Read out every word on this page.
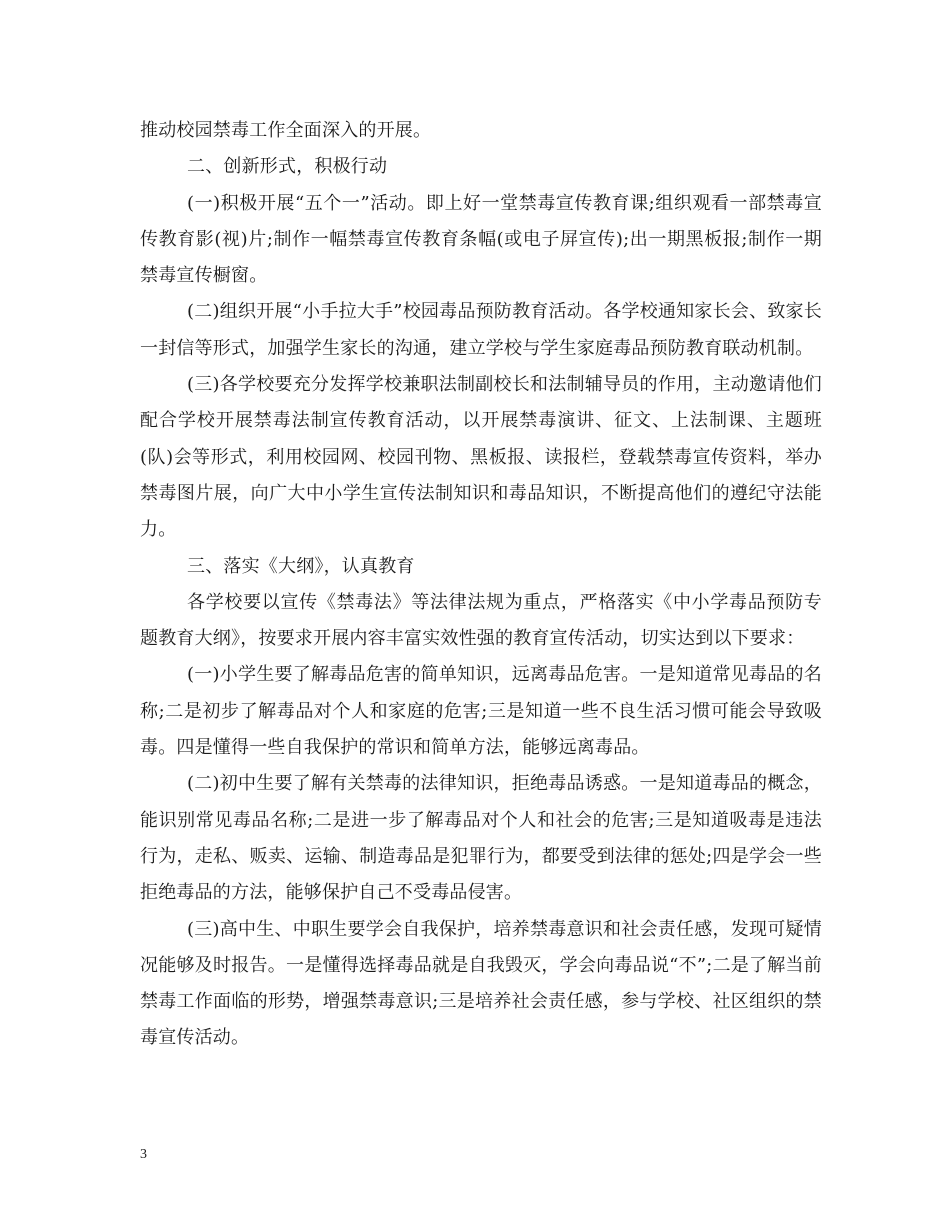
推动校园禁毒工作全面深入的开展。

二、创新形式，积极行动

(一)积极开展“五个一”活动。即上好一堂禁毒宣传教育课;组织观看一部禁毒宣传教育影(视)片;制作一幅禁毒宣传教育条幅(或电子屏宣传);出一期黑板报;制作一期禁毒宣传橱窗。

(二)组织开展“小手拉大手”校园毒品预防教育活动。各学校通知家长会、致家长一封信等形式，加强学生家长的沟通，建立学校与学生家庭毒品预防教育联动机制。

(三)各学校要充分发挥学校兼职法制副校长和法制辅导员的作用，主动邀请他们配合学校开展禁毒法制宣传教育活动，以开展禁毒演讲、征文、上法制课、主题班(队)会等形式，利用校园网、校园刊物、黑板报、读报栏，登载禁毒宣传资料，举办禁毒图片展，向广大中小学生宣传法制知识和毒品知识，不断提高他们的遵纪守法能力。

三、落实《大纲》，认真教育

各学校要以宣传《禁毒法》等法律法规为重点，严格落实《中小学毒品预防专题教育大纲》，按要求开展内容丰富实效性强的教育宣传活动，切实达到以下要求：

(一)小学生要了解毒品危害的简单知识，远离毒品危害。一是知道常见毒品的名称;二是初步了解毒品对个人和家庭的危害;三是知道一些不良生活习惯可能会导致吸毒。四是懂得一些自我保护的常识和简单方法，能够远离毒品。

(二)初中生要了解有关禁毒的法律知识，拒绝毒品诱惑。一是知道毒品的概念，能识别常见毒品名称;二是进一步了解毒品对个人和社会的危害;三是知道吸毒是违法行为，走私、贩卖、运输、制造毒品是犯罪行为，都要受到法律的惩处;四是学会一些拒绝毒品的方法，能够保护自己不受毒品侵害。

(三)高中生、中职生要学会自我保护，培养禁毒意识和社会责任感，发现可疑情况能够及时报告。一是懂得选择毒品就是自我毁灭，学会向毒品说“不”;二是了解当前禁毒工作面临的形势，增强禁毒意识;三是培养社会责任感，参与学校、社区组织的禁毒宣传活动。

3
